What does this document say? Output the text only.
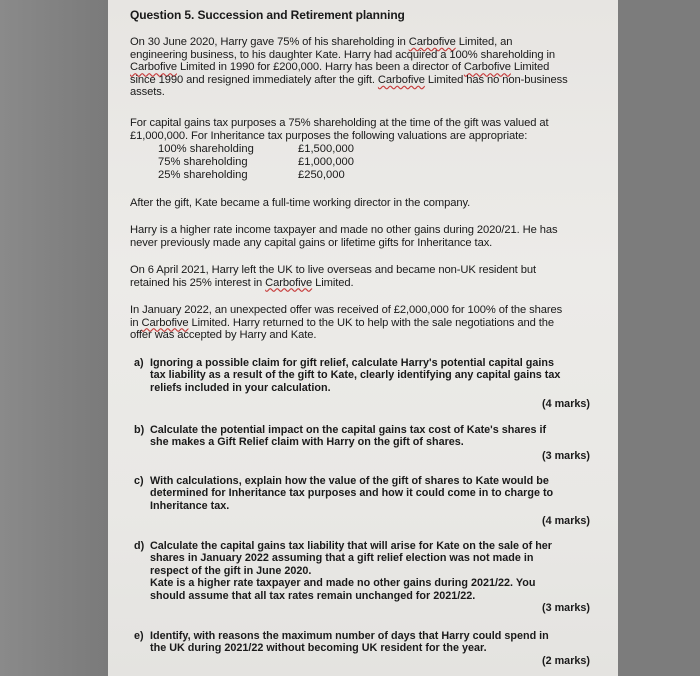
Question 5. Succession and Retirement planning
On 30 June 2020, Harry gave 75% of his shareholding in Carbofive Limited, an
engineering business, to his daughter Kate. Harry had acquired a 100% shareholding in
Carbofive Limited in 1990 for £200,000. Harry has been a director of Carbofive Limited
since 1990 and resigned immediately after the gift. Carbofive Limited has no non-business
assets.
For capital gains tax purposes a 75% shareholding at the time of the gift was valued at
£1,000,000. For Inheritance tax purposes the following valuations are appropriate:
100% shareholding	£1,500,000
75% shareholding	£1,000,000
25% shareholding	£250,000
After the gift, Kate became a full-time working director in the company.
Harry is a higher rate income taxpayer and made no other gains during 2020/21. He has
never previously made any capital gains or lifetime gifts for Inheritance tax.
On 6 April 2021, Harry left the UK to live overseas and became non-UK resident but
retained his 25% interest in Carbofive Limited.
In January 2022, an unexpected offer was received of £2,000,000 for 100% of the shares
in Carbofive Limited. Harry returned to the UK to help with the sale negotiations and the
offer was accepted by Harry and Kate.
a) Ignoring a possible claim for gift relief, calculate Harry's potential capital gains
tax liability as a result of the gift to Kate, clearly identifying any capital gains tax
reliefs included in your calculation.
(4 marks)
b) Calculate the potential impact on the capital gains tax cost of Kate's shares if
she makes a Gift Relief claim with Harry on the gift of shares.
(3 marks)
c) With calculations, explain how the value of the gift of shares to Kate would be
determined for Inheritance tax purposes and how it could come in to charge to
Inheritance tax.
(4 marks)
d) Calculate the capital gains tax liability that will arise for Kate on the sale of her
shares in January 2022 assuming that a gift relief election was not made in
respect of the gift in June 2020.
Kate is a higher rate taxpayer and made no other gains during 2021/22. You
should assume that all tax rates remain unchanged for 2021/22.
(3 marks)
e) Identify, with reasons the maximum number of days that Harry could spend in
the UK during 2021/22 without becoming UK resident for the year.
(2 marks)
